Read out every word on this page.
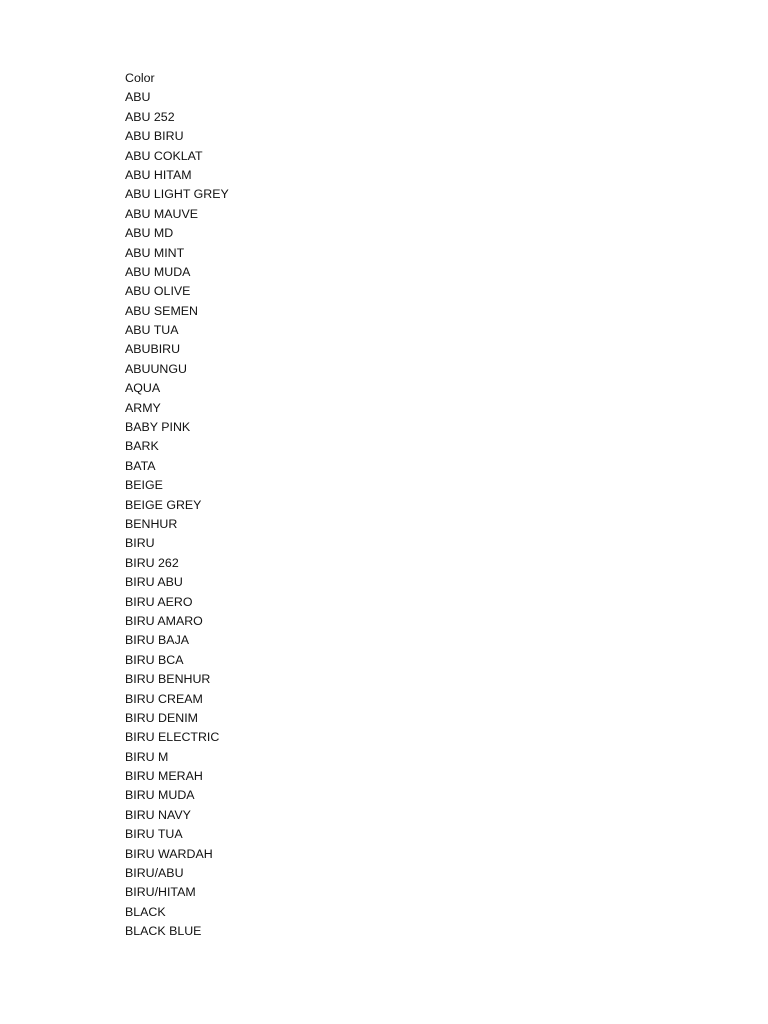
Color
ABU
ABU 252
ABU BIRU
ABU COKLAT
ABU HITAM
ABU LIGHT GREY
ABU MAUVE
ABU MD
ABU MINT
ABU MUDA
ABU OLIVE
ABU SEMEN
ABU TUA
ABUBIRU
ABUUNGU
AQUA
ARMY
BABY PINK
BARK
BATA
BEIGE
BEIGE GREY
BENHUR
BIRU
BIRU 262
BIRU ABU
BIRU AERO
BIRU AMARO
BIRU BAJA
BIRU BCA
BIRU BENHUR
BIRU CREAM
BIRU DENIM
BIRU ELECTRIC
BIRU M
BIRU MERAH
BIRU MUDA
BIRU NAVY
BIRU TUA
BIRU WARDAH
BIRU/ABU
BIRU/HITAM
BLACK
BLACK BLUE
